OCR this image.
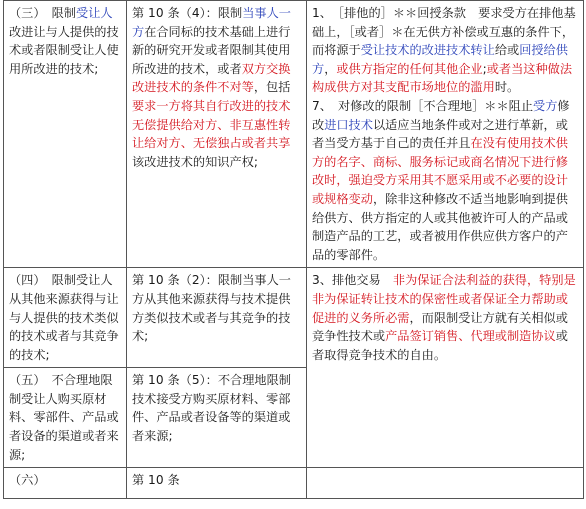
（三）　限制受让人改进让与人提供的技术或者限制受让人使用所改进的技术;	第 10 条（4）：限制当事人一方在合同标的技术基础上进行新的研究开发或者限制其使用所改进的技术，或者双方交换改进技术的条件不对等，包括要求一方将其自行改进的技术无偿提供给对方、非互惠性转让给对方、无偿独占或者共享该改进技术的知识产权;	1、　［排他的］＊＊回授条款　要求受方在排他基础上，［或者］＊在无供方补偿或互惠的条件下，而将源于受让技术的改进技术转让给或回授给供方，或供方指定的任何其他企业;或者当这种做法构成供方对其支配市场地位的滥用时。
7、　对修改的限制［不合理地］＊＊阻止受方修改进口技术以适应当地条件或对之进行革新，或者当受方基于自己的责任并且在没有使用技术供方的名字、商标、服务标记或商名情况下进行修改时，强迫受方采用其不愿采用或不必要的设计或规格变动，除非这种修改不适当地影响到提供给供方、供方指定的人或其他被许可人的产品或制造产品的工艺，或者被用作供应供方客户的产品的零部件。

（四）　限制受让人从其他来源获得与让与人提供的技术类似的技术或者与其竞争的技术;	第 10 条（2）：限制当事人一方从其他来源获得与技术提供方类似技术或者与其竞争的技术;	3、排他交易　非为保证合法利益的获得，特别是非为保证转让技术的保密性或者保证全力帮助或促进的义务所必需，而限制受让方就有关相似或竞争性技术或产品签订销售、代理或制造协议或者取得竞争技术的自由。
（五）　不合理地限制受让人购买原材料、零部件、产品或者设备的渠道或者来源;	第 10 条（5）：不合理地限制技术接受方购买原材料、零部件、产品或者设备等的渠道或者来源;	
（六）	第 10 条	
